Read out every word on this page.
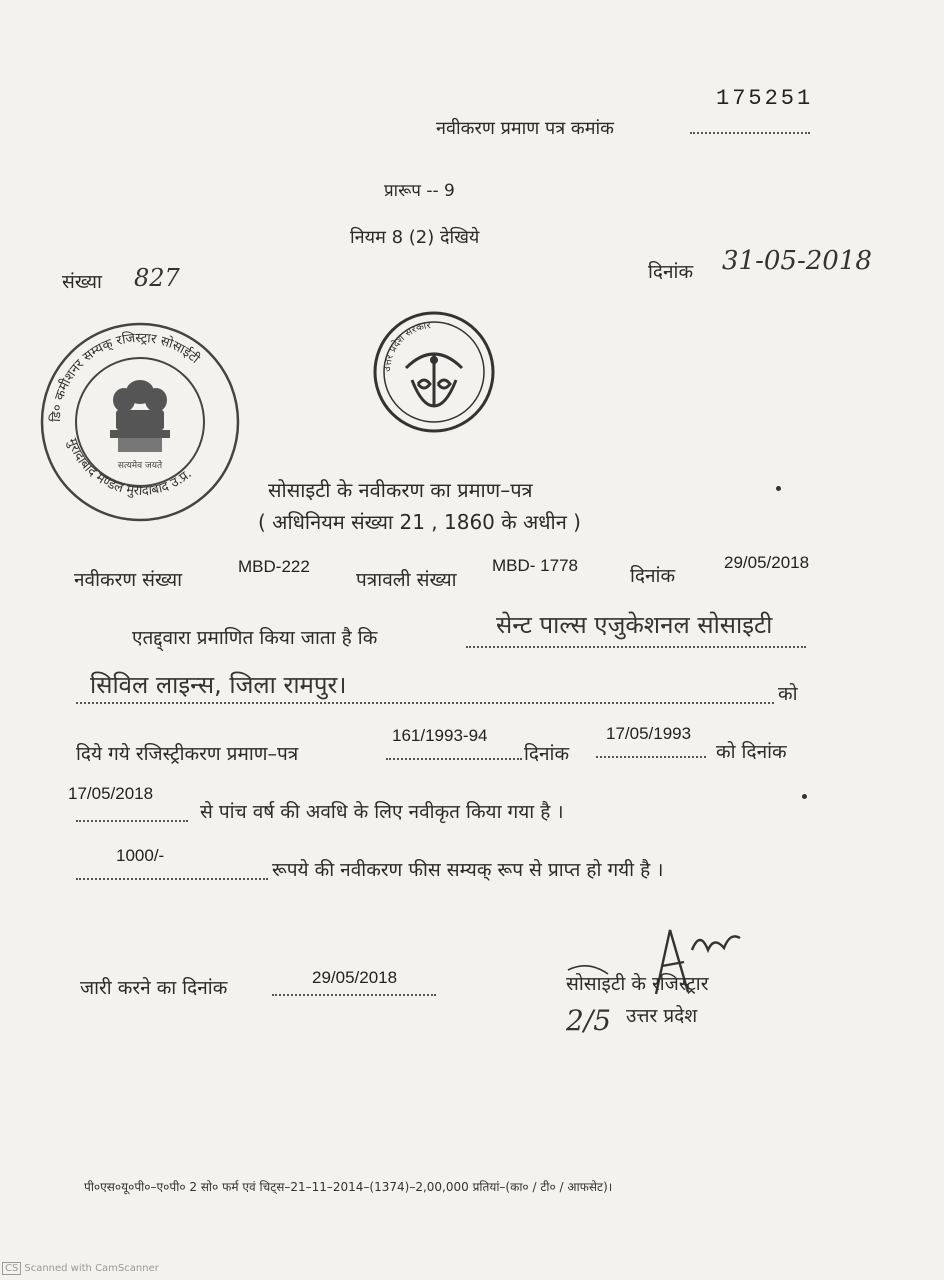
175251
नवीकरण प्रमाण पत्र कमांक
प्रारूप -- 9
नियम 8 (2) देखिये
संख्या 827	दिनांक 31-05-2018
डि० कमीशनर सम्यक् रजिस्ट्रार सोसाईटी
मुरादाबाद मण्डल मुरादाबाद उ.प्र.
सत्यमेव जयते
उत्तर प्रदेश सरकार
सोसाइटी के नवीकरण का प्रमाण–पत्र
( अधिनियम संख्या 21 , 1860 के अधीन )
नवीकरण संख्या
MBD-222
पत्रावली संख्या
MBD- 1778	दिनांक
29/05/2018
एतद्द्वारा प्रमाणित किया जाता है कि	सेन्ट पाल्स एजुकेशनल सोसाइटी
सिविल लाइन्स, जिला रामपुर।	को
दिये गये रजिस्ट्रीकरण प्रमाण–पत्र
161/1993-94
दिनांक
17/05/1993
को दिनांक
17/05/2018
से पांच वर्ष की अवधि के लिए नवीकृत किया गया है ।
1000/-
रूपये की नवीकरण फीस सम्यक् रूप से प्राप्त हो गयी है ।
जारी करने का दिनांक	29/05/2018	सोसाइटी के रजिस्ट्रार
उत्तर प्रदेश
2/5
पी०एस०यू०पी०–ए०पी० 2 सो० फर्म एवं चिट्स–21–11–2014–(1374)–2,00,000 प्रतियां–(का० / टी० / आफसेट)।
CS Scanned with CamScanner
